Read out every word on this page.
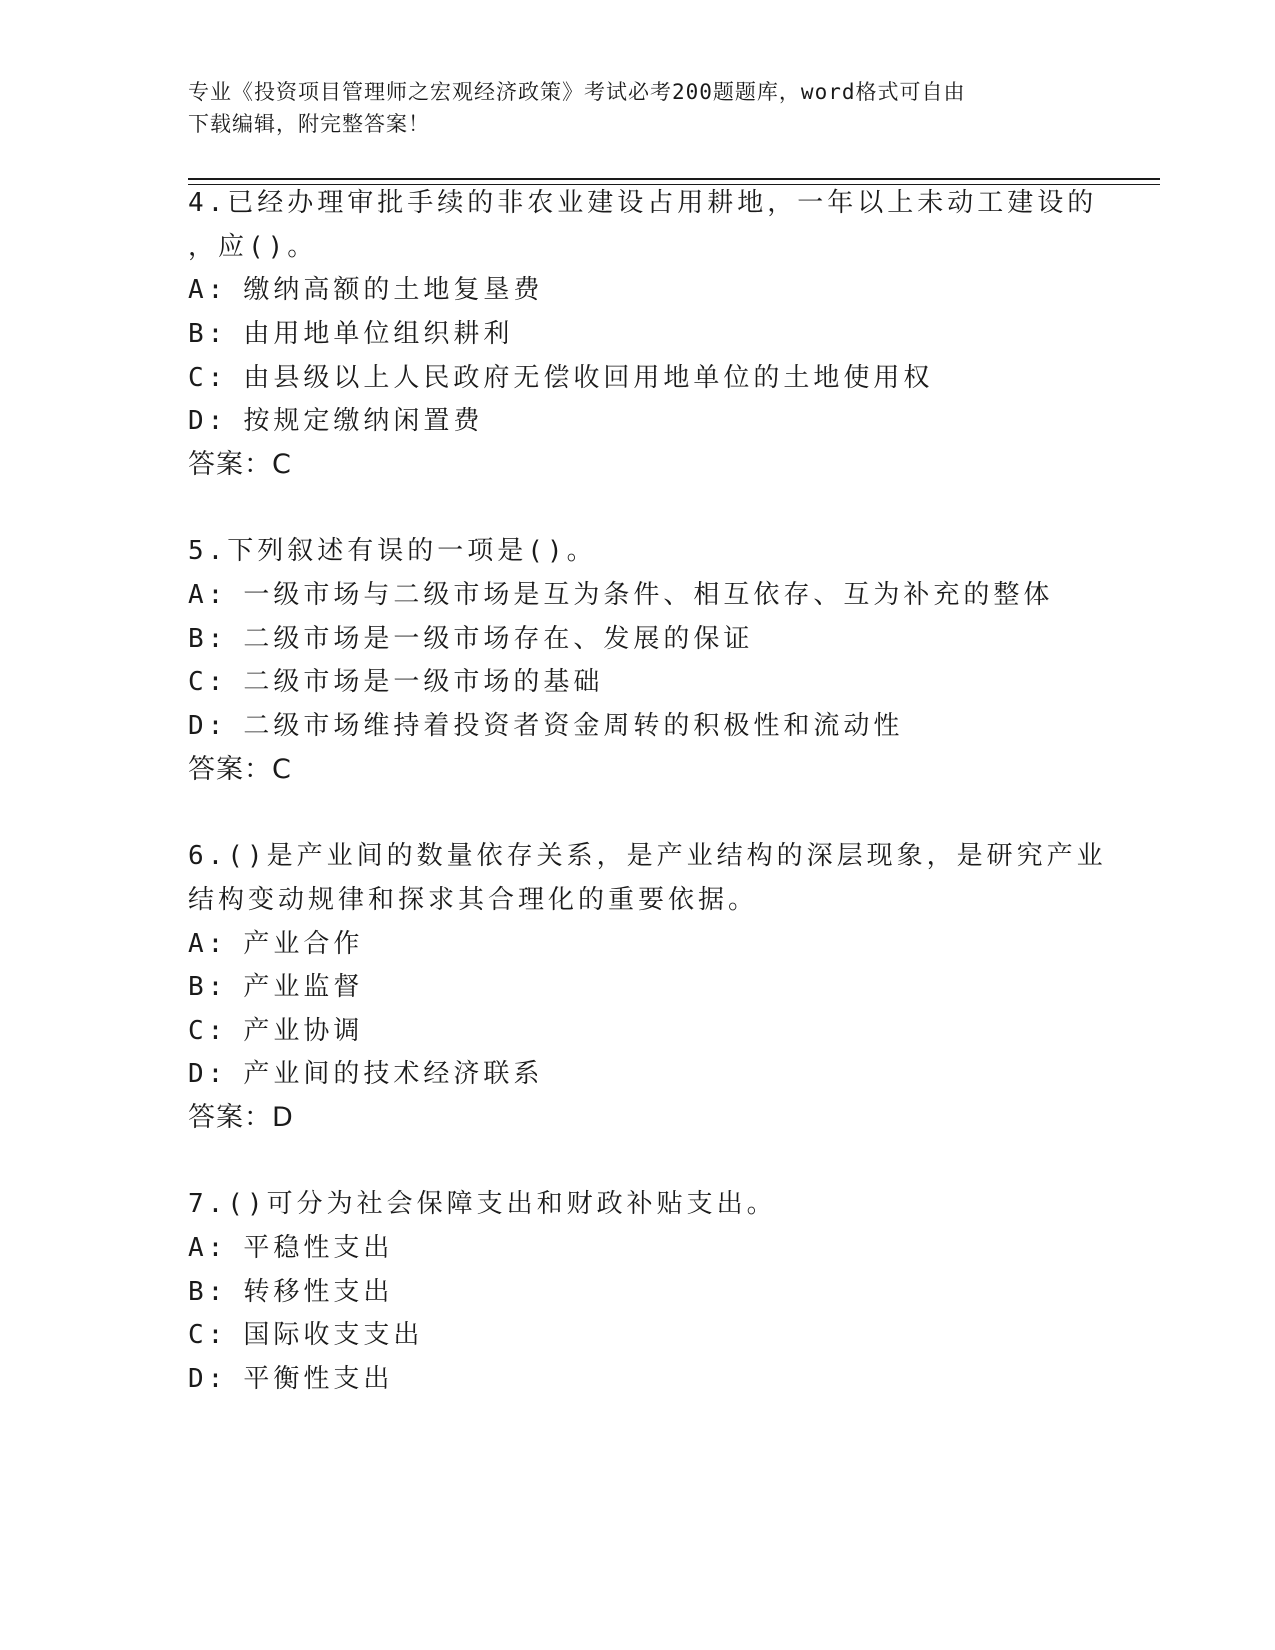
专业《投资项目管理师之宏观经济政策》考试必考200题题库，word格式可自由
下载编辑，附完整答案！
4.已经办理审批手续的非农业建设占用耕地，一年以上未动工建设的
，应()。
A: 缴纳高额的土地复垦费
B: 由用地单位组织耕利
C: 由县级以上人民政府无偿收回用地单位的土地使用权
D: 按规定缴纳闲置费
答案：C
5.下列叙述有误的一项是()。
A: 一级市场与二级市场是互为条件、相互依存、互为补充的整体
B: 二级市场是一级市场存在、发展的保证
C: 二级市场是一级市场的基础
D: 二级市场维持着投资者资金周转的积极性和流动性
答案：C
6.()是产业间的数量依存关系，是产业结构的深层现象，是研究产业
结构变动规律和探求其合理化的重要依据。
A: 产业合作
B: 产业监督
C: 产业协调
D: 产业间的技术经济联系
答案：D
7.()可分为社会保障支出和财政补贴支出。
A: 平稳性支出
B: 转移性支出
C: 国际收支支出
D: 平衡性支出
